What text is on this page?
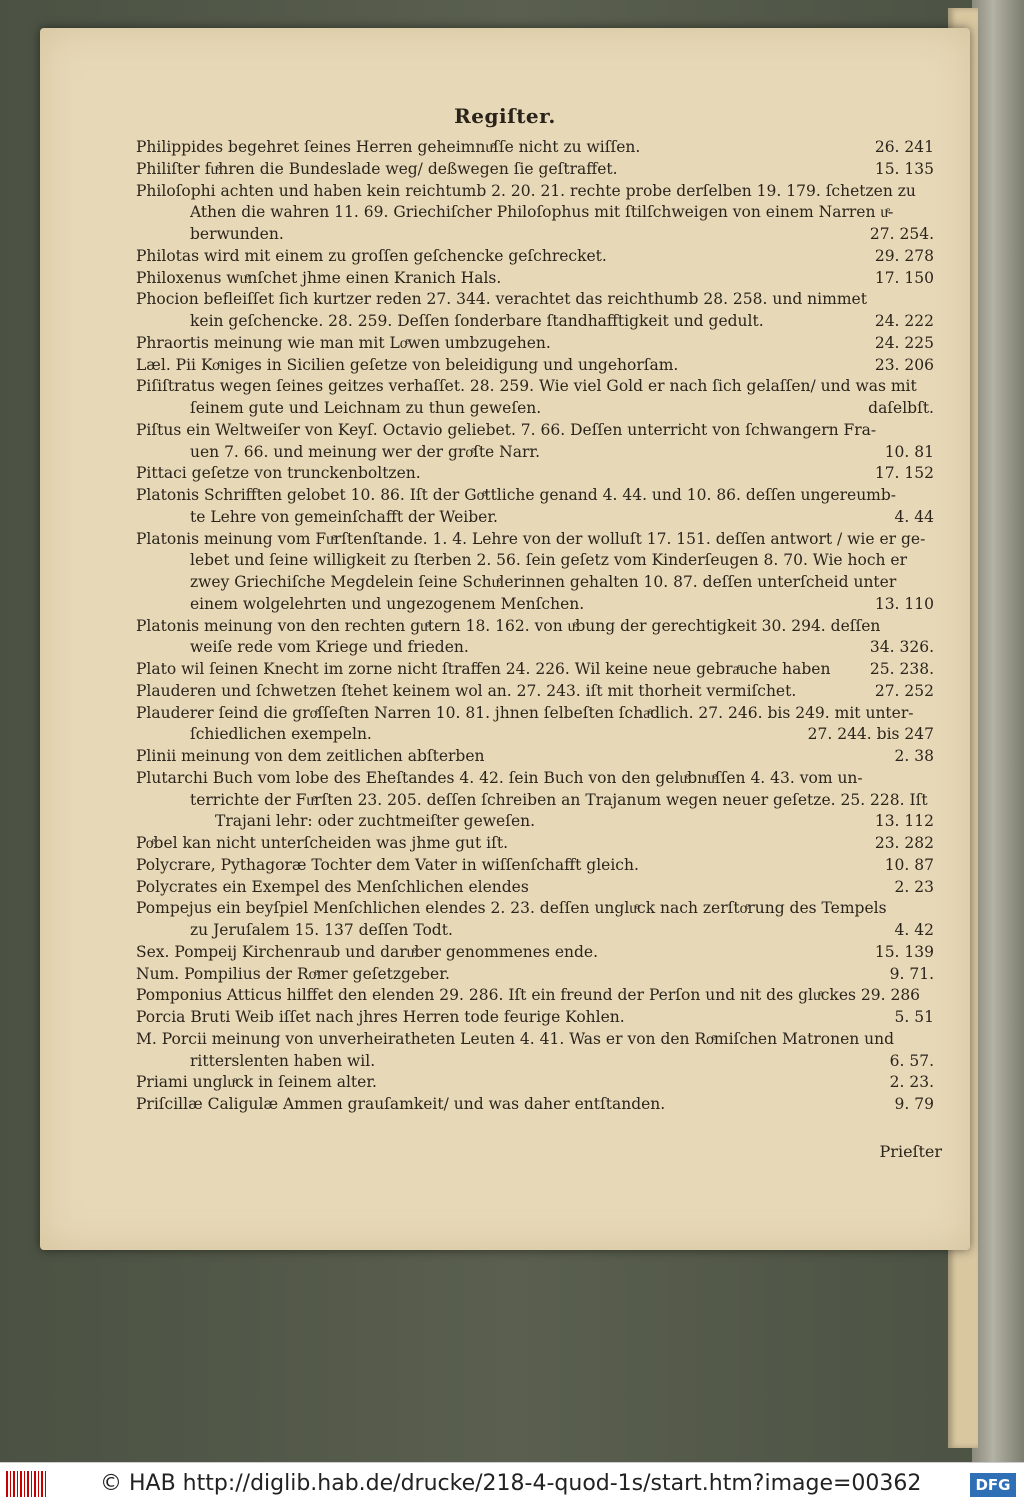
Regiſter.
Philippides begehret ſeines Herren geheimnuͤſſe nicht zu wiſſen.	26. 241
Philiſter fuͤhren die Bundeslade weg/ deßwegen ſie geſtraffet.	15. 135
Philoſophi achten und haben kein reichtumb 2. 20. 21. rechte probe derſelben 19. 179. ſchetzen zu
Athen die wahren 11. 69. Griechiſcher Philoſophus mit ſtilſchweigen von einem Narren uͤ-
berwunden.	27. 254.
Philotas wird mit einem zu groſſen geſchencke geſchrecket.	29. 278
Philoxenus wuͤnſchet jhme einen Kranich Hals.	17. 150
Phocion befleiſſet ſich kurtzer reden 27. 344. verachtet das reichthumb 28. 258. und nimmet
kein geſchencke. 28. 259. Deſſen ſonderbare ſtandhafftigkeit und gedult.	24. 222
Phraortis meinung wie man mit Loͤwen umbzugehen.	24. 225
Læl. Pii Koͤniges in Sicilien geſetze von beleidigung und ungehorſam.	23. 206
Piſiſtratus wegen ſeines geitzes verhaſſet. 28. 259. Wie viel Gold er nach ſich gelaſſen/ und was mit
ſeinem gute und Leichnam zu thun geweſen.	daſelbſt.
Piſtus ein Weltweiſer von Keyſ. Octavio geliebet. 7. 66. Deſſen unterricht von ſchwangern Fra-
uen 7. 66. und meinung wer der groͤſte Narr.	10. 81
Pittaci geſetze von trunckenboltzen.	17. 152
Platonis Schrifften gelobet 10. 86. Iſt der Goͤttliche genand 4. 44. und 10. 86. deſſen ungereumb-
te Lehre von gemeinſchafft der Weiber.	4. 44
Platonis meinung vom Fuͤrſtenſtande. 1. 4. Lehre von der wolluſt 17. 151. deſſen antwort / wie er ge-
lebet und ſeine willigkeit zu ſterben 2. 56. ſein geſetz vom Kinderſeugen 8. 70. Wie hoch er
zwey Griechiſche Megdelein ſeine Schuͤlerinnen gehalten 10. 87. deſſen unterſcheid unter
einem wolgelehrten und ungezogenem Menſchen.	13. 110
Platonis meinung von den rechten guͤtern 18. 162. von uͤbung der gerechtigkeit 30. 294. deſſen
weiſe rede vom Kriege und frieden.	34. 326.
Plato wil ſeinen Knecht im zorne nicht ſtraffen 24. 226. Wil keine neue gebraͤuche haben	25. 238.
Plauderen und ſchwetzen ſtehet keinem wol an. 27. 243. iſt mit thorheit vermiſchet.	27. 252
Plauderer ſeind die groͤſſeſten Narren 10. 81. jhnen ſelbeſten ſchaͤdlich. 27. 246. bis 249. mit unter-
ſchiedlichen exempeln.	27. 244. bis 247
Plinii meinung von dem zeitlichen abſterben	2. 38
Plutarchi Buch vom lobe des Eheſtandes 4. 42. ſein Buch von den geluͤbnuͤſſen 4. 43. vom un-
terrichte der Fuͤrſten 23. 205. deſſen ſchreiben an Trajanum wegen neuer geſetze. 25. 228. Iſt
Trajani lehr: oder zuchtmeiſter geweſen.	13. 112
Poͤbel kan nicht unterſcheiden was jhme gut iſt.	23. 282
Polycrare, Pythagoræ Tochter dem Vater in wiſſenſchafft gleich.	10. 87
Polycrates ein Exempel des Menſchlichen elendes	2. 23
Pompejus ein beyſpiel Menſchlichen elendes 2. 23. deſſen ungluͤck nach zerſtoͤrung des Tempels
zu Jeruſalem 15. 137 deſſen Todt.	4. 42
Sex. Pompeij Kirchenraub und daruͤber genommenes ende.	15. 139
Num. Pompilius der Roͤmer geſetzgeber.	9. 71.
Pomponius Atticus hilffet den elenden 29. 286. Iſt ein freund der Perſon und nit des gluͤckes 29. 286
Porcia Bruti Weib iſſet nach jhres Herren tode feurige Kohlen.	5. 51
M. Porcii meinung von unverheiratheten Leuten 4. 41. Was er von den Roͤmiſchen Matronen und
ritterslenten haben wil.	6. 57.
Priami ungluͤck in ſeinem alter.	2. 23.
Priſcillæ Caligulæ Ammen grauſamkeit/ und was daher entſtanden.	9. 79
Prieſter
© HAB http://diglib.hab.de/drucke/218-4-quod-1s/start.htm?image=00362	DFG
